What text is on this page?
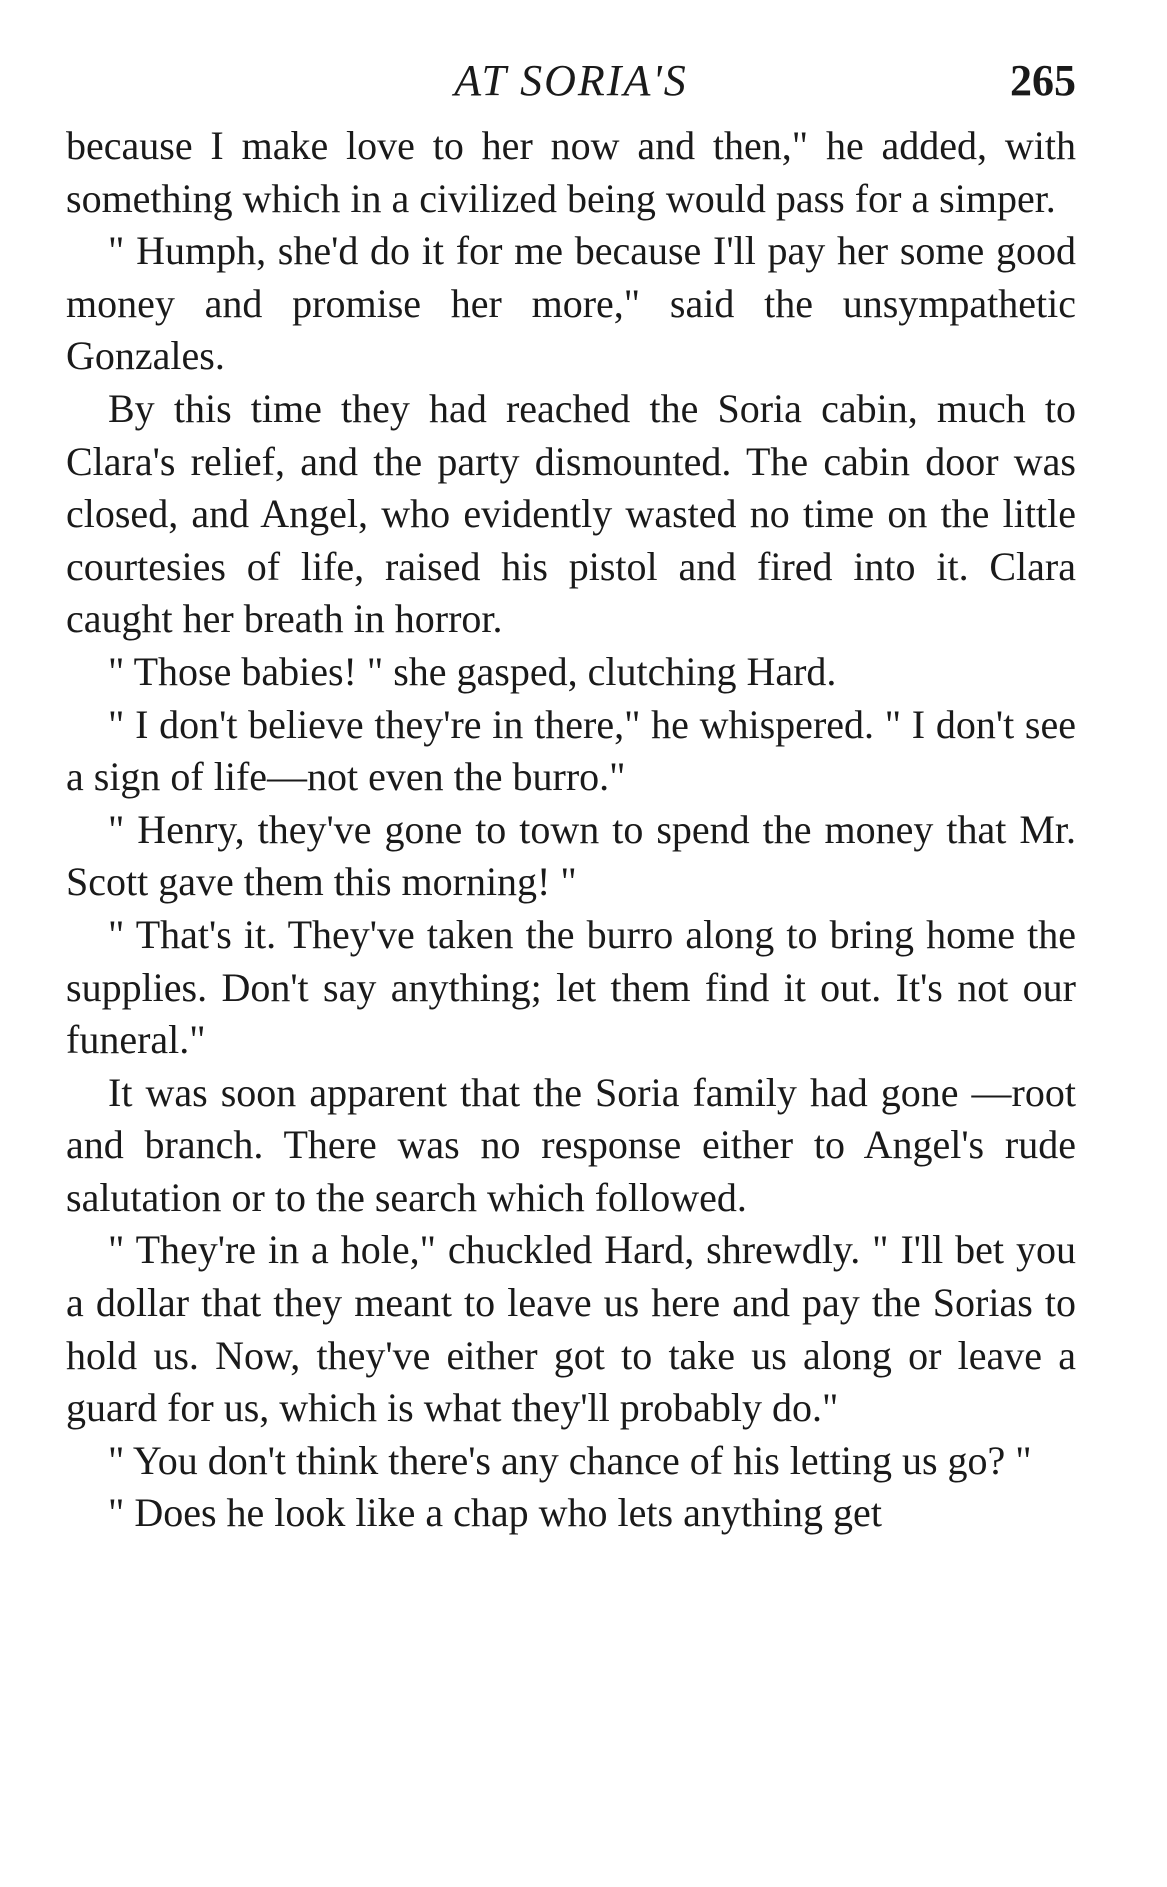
AT SORIA'S	265

because I make love to her now and then," he added, with something which in a civilized being would pass for a simper.

" Humph, she'd do it for me because I'll pay her some good money and promise her more," said the unsympathetic Gonzales.

By this time they had reached the Soria cabin, much to Clara's relief, and the party dismounted. The cabin door was closed, and Angel, who evidently wasted no time on the little courtesies of life, raised his pistol and fired into it. Clara caught her breath in horror.

" Those babies! " she gasped, clutching Hard.

" I don't believe they're in there," he whispered. " I don't see a sign of life—not even the burro."

" Henry, they've gone to town to spend the money that Mr. Scott gave them this morning! "

" That's it. They've taken the burro along to bring home the supplies. Don't say anything; let them find it out. It's not our funeral."

It was soon apparent that the Soria family had gone —root and branch. There was no response either to Angel's rude salutation or to the search which followed.

" They're in a hole," chuckled Hard, shrewdly. " I'll bet you a dollar that they meant to leave us here and pay the Sorias to hold us. Now, they've either got to take us along or leave a guard for us, which is what they'll probably do."

" You don't think there's any chance of his letting us go? "

" Does he look like a chap who lets anything get
